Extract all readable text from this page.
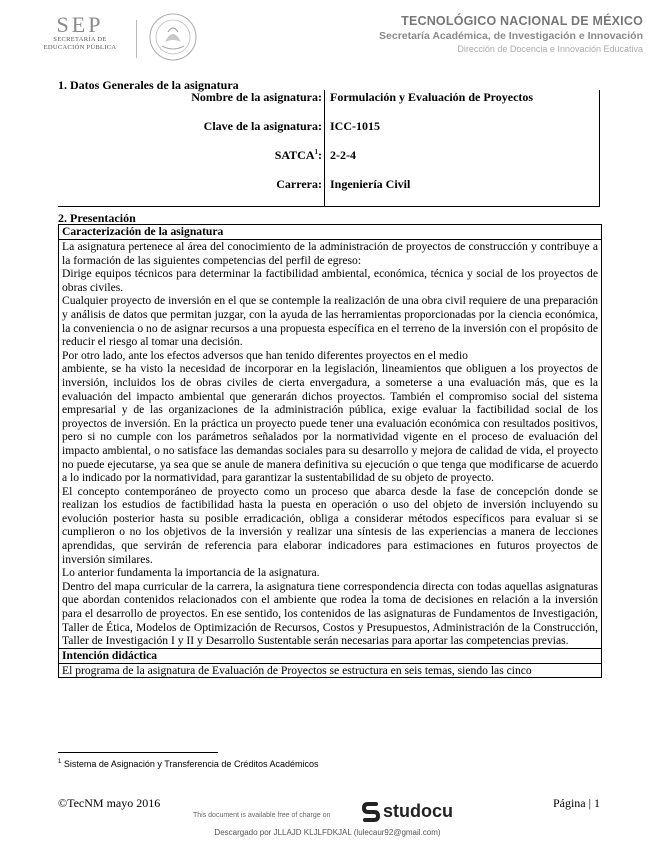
SEP
SECRETARÍA DE
EDUCACIÓN PÚBLICA
TECNOLÓGICO NACIONAL DE MÉXICO
Secretaría Académica, de Investigación e Innovación
Dirección de Docencia e Innovación Educativa
1. Datos Generales de la asignatura
Nombre de la asignatura:	Formulación y Evaluación de Proyectos
Clave de la asignatura:	ICC-1015
SATCA$^1$:	2-2-4
Carrera:	Ingeniería Civil
2. Presentación
Caracterización de la asignatura

La asignatura pertenece al área del conocimiento de la administración de proyectos de construcción y contribuye a la formación de las siguientes competencias del perfil de egreso:

Dirige equipos técnicos para determinar la factibilidad ambiental, económica, técnica y social de los proyectos de obras civiles.

Cualquier proyecto de inversión en el que se contemple la realización de una obra civil requiere de una preparación y análisis de datos que permitan juzgar, con la ayuda de las herramientas proporcionadas por la ciencia económica, la conveniencia o no de asignar recursos a una propuesta específica en el terreno de la inversión con el propósito de reducir el riesgo al tomar una decisión.

Por otro lado, ante los efectos adversos que han tenido diferentes proyectos en el medio

ambiente, se ha visto la necesidad de incorporar en la legislación, lineamientos que obliguen a los proyectos de inversión, incluidos los de obras civiles de cierta envergadura, a someterse a una evaluación más, que es la evaluación del impacto ambiental que generarán dichos proyectos. También el compromiso social del sistema empresarial y de las organizaciones de la administración pública, exige evaluar la factibilidad social de los proyectos de inversión. En la práctica un proyecto puede tener una evaluación económica con resultados positivos, pero si no cumple con los parámetros señalados por la normatividad vigente en el proceso de evaluación del impacto ambiental, o no satisface las demandas sociales para su desarrollo y mejora de calidad de vida, el proyecto no puede ejecutarse, ya sea que se anule de manera definitiva su ejecución o que tenga que modificarse de acuerdo a lo indicado por la normatividad, para garantizar la sustentabilidad de su objeto de proyecto.

El concepto contemporáneo de proyecto como un proceso que abarca desde la fase de concepción donde se realizan los estudios de factibilidad hasta la puesta en operación o uso del objeto de inversión incluyendo su evolución posterior hasta su posible erradicación, obliga a considerar métodos específicos para evaluar si se cumplieron o no los objetivos de la inversión y realizar una síntesis de las experiencias a manera de lecciones aprendidas, que servirán de referencia para elaborar indicadores para estimaciones en futuros proyectos de inversión similares.

Lo anterior fundamenta la importancia de la asignatura.

Dentro del mapa curricular de la carrera, la asignatura tiene correspondencia directa con todas aquellas asignaturas que abordan contenidos relacionados con el ambiente que rodea la toma de decisiones en relación a la inversión para el desarrollo de proyectos. En ese sentido, los contenidos de las asignaturas de Fundamentos de Investigación, Taller de Ética, Modelos de Optimización de Recursos, Costos y Presupuestos, Administración de la Construcción, Taller de Investigación I y II y Desarrollo Sustentable serán necesarias para aportar las competencias previas.

Intención didáctica
El programa de la asignatura de Evaluación de Proyectos se estructura en seis temas, siendo las cinco
$^1$ Sistema de Asignación y Transferencia de Créditos Académicos
©TecNM mayo 2016	Página | 1
This document is available free of charge on	studocu
Descargado por JLLAJD KLJLFDKJAL (lulecaur92@gmail.com)
